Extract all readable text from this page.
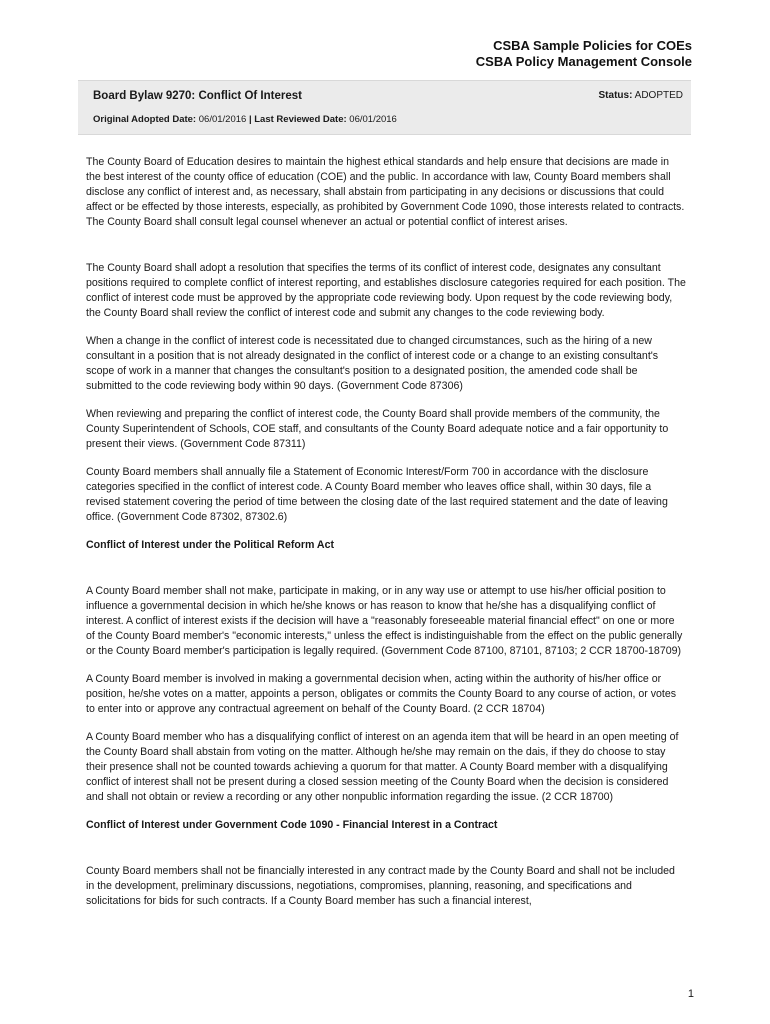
CSBA Sample Policies for COEs
CSBA Policy Management Console
Board Bylaw 9270: Conflict Of Interest	Status: ADOPTED
Original Adopted Date: 06/01/2016 | Last Reviewed Date: 06/01/2016

The County Board of Education desires to maintain the highest ethical standards and help ensure that decisions are made in the best interest of the county office of education (COE) and the public. In accordance with law, County Board members shall disclose any conflict of interest and, as necessary, shall abstain from participating in any decisions or discussions that could affect or be effected by those interests, especially, as prohibited by Government Code 1090, those interests related to contracts. The County Board shall consult legal counsel whenever an actual or potential conflict of interest arises.

The County Board shall adopt a resolution that specifies the terms of its conflict of interest code, designates any consultant positions required to complete conflict of interest reporting, and establishes disclosure categories required for each position. The conflict of interest code must be approved by the appropriate code reviewing body. Upon request by the code reviewing body, the County Board shall review the conflict of interest code and submit any changes to the code reviewing body.

When a change in the conflict of interest code is necessitated due to changed circumstances, such as the hiring of a new consultant in a position that is not already designated in the conflict of interest code or a change to an existing consultant's scope of work in a manner that changes the consultant's position to a designated position, the amended code shall be submitted to the code reviewing body within 90 days. (Government Code 87306)

When reviewing and preparing the conflict of interest code, the County Board shall provide members of the community, the County Superintendent of Schools, COE staff, and consultants of the County Board adequate notice and a fair opportunity to present their views. (Government Code 87311)

County Board members shall annually file a Statement of Economic Interest/Form 700 in accordance with the disclosure categories specified in the conflict of interest code. A County Board member who leaves office shall, within 30 days, file a revised statement covering the period of time between the closing date of the last required statement and the date of leaving office. (Government Code 87302, 87302.6)

Conflict of Interest under the Political Reform Act

A County Board member shall not make, participate in making, or in any way use or attempt to use his/her official position to influence a governmental decision in which he/she knows or has reason to know that he/she has a disqualifying conflict of interest. A conflict of interest exists if the decision will have a "reasonably foreseeable material financial effect" on one or more of the County Board member's "economic interests," unless the effect is indistinguishable from the effect on the public generally or the County Board member's participation is legally required. (Government Code 87100, 87101, 87103; 2 CCR 18700-18709)

A County Board member is involved in making a governmental decision when, acting within the authority of his/her office or position, he/she votes on a matter, appoints a person, obligates or commits the County Board to any course of action, or votes to enter into or approve any contractual agreement on behalf of the County Board. (2 CCR 18704)

A County Board member who has a disqualifying conflict of interest on an agenda item that will be heard in an open meeting of the County Board shall abstain from voting on the matter. Although he/she may remain on the dais, if they do choose to stay their presence shall not be counted towards achieving a quorum for that matter. A County Board member with a disqualifying conflict of interest shall not be present during a closed session meeting of the County Board when the decision is considered and shall not obtain or review a recording or any other nonpublic information regarding the issue. (2 CCR 18700)

Conflict of Interest under Government Code 1090 - Financial Interest in a Contract

County Board members shall not be financially interested in any contract made by the County Board and shall not be included in the development, preliminary discussions, negotiations, compromises, planning, reasoning, and specifications and solicitations for bids for such contracts. If a County Board member has such a financial interest,

1
